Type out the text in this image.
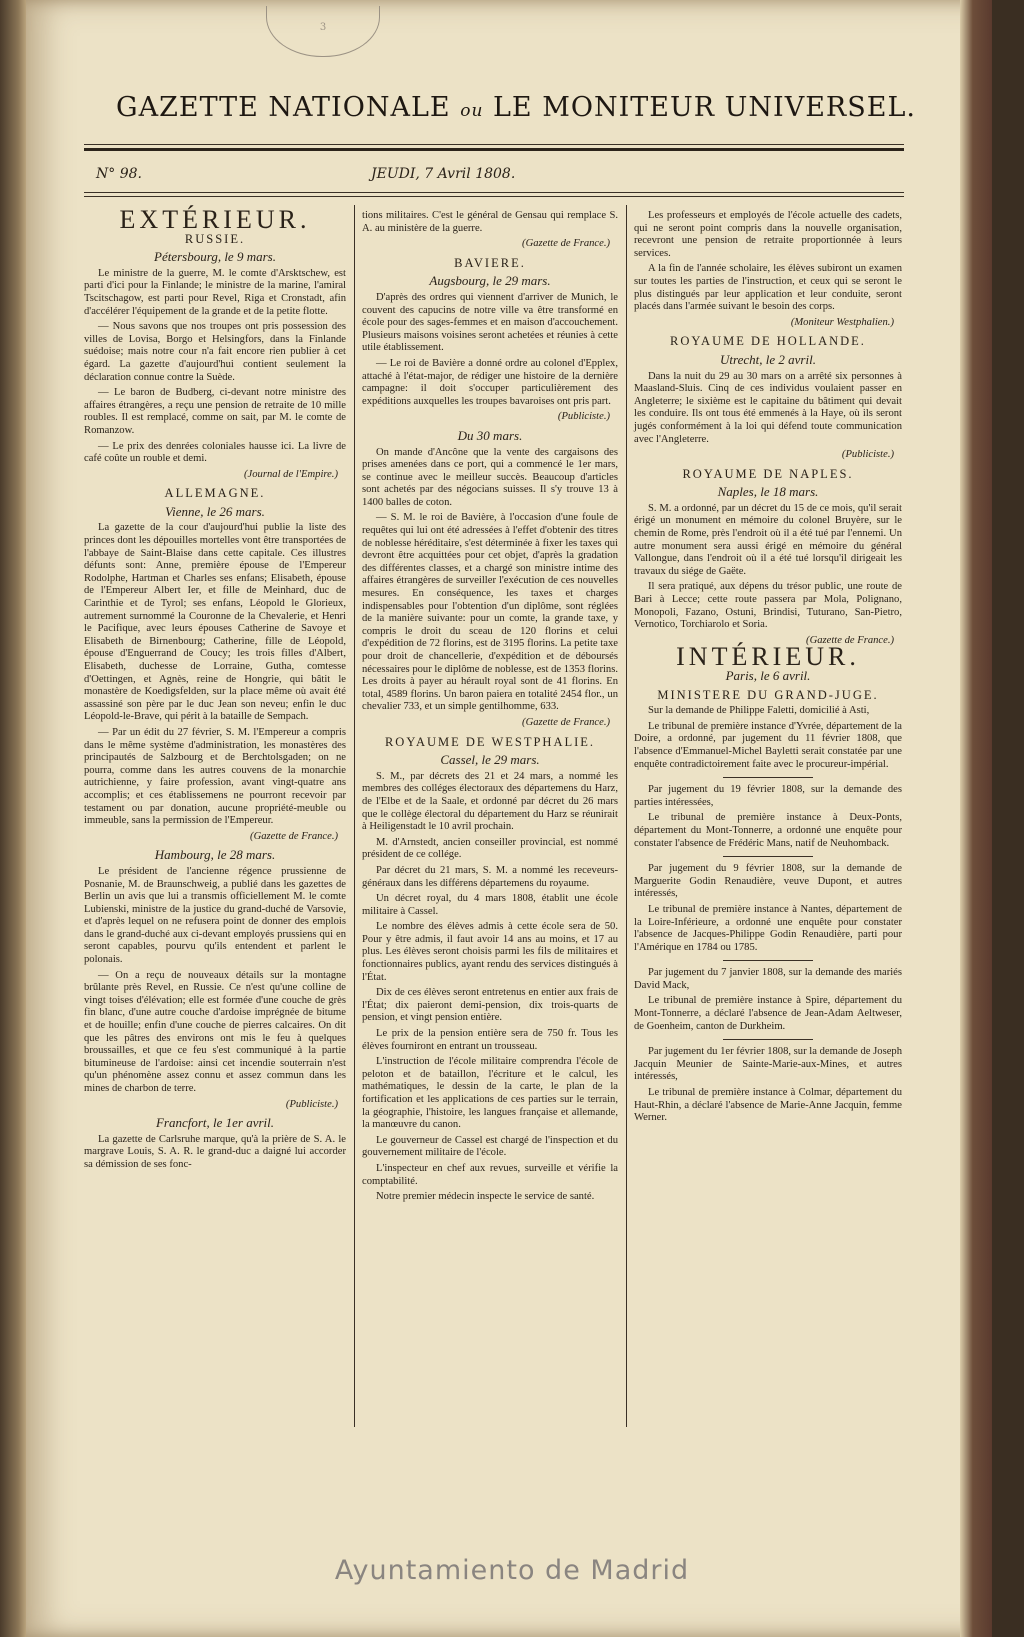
3
GAZETTE NATIONALE ou LE MONITEUR UNIVERSEL.
N° 98.	JEUDI, 7 Avril 1808.
EXTÉRIEUR.
RUSSIE.
Pétersbourg, le 9 mars.

Le ministre de la guerre, M. le comte d'Arsktschew, est parti d'ici pour la Finlande; le ministre de la marine, l'amiral Tscitschagow, est parti pour Revel, Riga et Cronstadt, afin d'accélérer l'équipement de la grande et de la petite flotte.

— Nous savons que nos troupes ont pris possession des villes de Lovisa, Borgo et Helsingfors, dans la Finlande suédoise; mais notre cour n'a fait encore rien publier à cet égard. La gazette d'aujourd'hui contient seulement la déclaration connue contre la Suède.

— Le baron de Budberg, ci-devant notre ministre des affaires étrangères, a reçu une pension de retraite de 10 mille roubles. Il est remplacé, comme on sait, par M. le comte de Romanzow.

— Le prix des denrées coloniales hausse ici. La livre de café coûte un rouble et demi.

(Journal de l'Empire.)

ALLEMAGNE.
Vienne, le 26 mars.

La gazette de la cour d'aujourd'hui publie la liste des princes dont les dépouilles mortelles vont être transportées de l'abbaye de Saint-Blaise dans cette capitale. Ces illustres défunts sont: Anne, première épouse de l'Empereur Rodolphe, Hartman et Charles ses enfans; Elisabeth, épouse de l'Empereur Albert Ier, et fille de Meinhard, duc de Carinthie et de Tyrol; ses enfans, Léopold le Glorieux, autrement surnommé la Couronne de la Chevalerie, et Henri le Pacifique, avec leurs épouses Catherine de Savoye et Elisabeth de Birnenbourg; Catherine, fille de Léopold, épouse d'Enguerrand de Coucy; les trois filles d'Albert, Elisabeth, duchesse de Lorraine, Gutha, comtesse d'Oettingen, et Agnès, reine de Hongrie, qui bâtit le monastère de Koedigsfelden, sur la place même où avait été assassiné son père par le duc Jean son neveu; enfin le duc Léopold-le-Brave, qui périt à la bataille de Sempach.

— Par un édit du 27 février, S. M. l'Empereur a compris dans le même système d'administration, les monastères des principautés de Salzbourg et de Berchtolsgaden; on ne pourra, comme dans les autres couvens de la monarchie autrichienne, y faire profession, avant vingt-quatre ans accomplis; et ces établissemens ne pourront recevoir par testament ou par donation, aucune propriété-meuble ou immeuble, sans la permission de l'Empereur.

(Gazette de France.)

Hambourg, le 28 mars.

Le président de l'ancienne régence prussienne de Posnanie, M. de Braunschweig, a publié dans les gazettes de Berlin un avis que lui a transmis officiellement M. le comte Lubienski, ministre de la justice du grand-duché de Varsovie, et d'après lequel on ne refusera point de donner des emplois dans le grand-duché aux ci-devant employés prussiens qui en seront capables, pourvu qu'ils entendent et parlent le polonais.

— On a reçu de nouveaux détails sur la montagne brûlante près Revel, en Russie. Ce n'est qu'une colline de vingt toises d'élévation; elle est formée d'une couche de grès fin blanc, d'une autre couche d'ardoise imprégnée de bitume et de houille; enfin d'une couche de pierres calcaires. On dit que les pâtres des environs ont mis le feu à quelques broussailles, et que ce feu s'est communiqué à la partie bitumineuse de l'ardoise: ainsi cet incendie souterrain n'est qu'un phénomène assez connu et assez commun dans les mines de charbon de terre.

(Publiciste.)

Francfort, le 1er avril.

La gazette de Carlsruhe marque, qu'à la prière de S. A. le margrave Louis, S. A. R. le grand-duc a daigné lui accorder sa démission de ses fonc-

tions militaires. C'est le général de Gensau qui remplace S. A. au ministère de la guerre.

(Gazette de France.)

BAVIERE.
Augsbourg, le 29 mars.

D'après des ordres qui viennent d'arriver de Munich, le couvent des capucins de notre ville va être transformé en école pour des sages-femmes et en maison d'accouchement. Plusieurs maisons voisines seront achetées et réunies à cette utile établissement.

— Le roi de Bavière a donné ordre au colonel d'Epplex, attaché à l'état-major, de rédiger une histoire de la dernière campagne: il doit s'occuper particulièrement des expéditions auxquelles les troupes bavaroises ont pris part.

(Publiciste.)

Du 30 mars.

On mande d'Ancône que la vente des cargaisons des prises amenées dans ce port, qui a commencé le 1er mars, se continue avec le meilleur succès. Beaucoup d'articles sont achetés par des négocians suisses. Il s'y trouve 13 à 1400 balles de coton.

— S. M. le roi de Bavière, à l'occasion d'une foule de requêtes qui lui ont été adressées à l'effet d'obtenir des titres de noblesse héréditaire, s'est déterminée à fixer les taxes qui devront être acquittées pour cet objet, d'après la gradation des différentes classes, et a chargé son ministre intime des affaires étrangères de surveiller l'exécution de ces nouvelles mesures. En conséquence, les taxes et charges indispensables pour l'obtention d'un diplôme, sont réglées de la manière suivante: pour un comte, la grande taxe, y compris le droit du sceau de 120 florins et celui d'expédition de 72 florins, est de 3195 florins. La petite taxe pour droit de chancellerie, d'expédition et de déboursés nécessaires pour le diplôme de noblesse, est de 1353 florins. Les droits à payer au hérault royal sont de 41 florins. En total, 4589 florins. Un baron paiera en totalité 2454 flor., un chevalier 733, et un simple gentilhomme, 633.

(Gazette de France.)

ROYAUME DE WESTPHALIE.
Cassel, le 29 mars.

S. M., par décrets des 21 et 24 mars, a nommé les membres des colléges électoraux des départemens du Harz, de l'Elbe et de la Saale, et ordonné par décret du 26 mars que le collège électoral du département du Harz se réunirait à Heiligenstadt le 10 avril prochain.

M. d'Arnstedt, ancien conseiller provincial, est nommé président de ce collége.

Par décret du 21 mars, S. M. a nommé les receveurs-généraux dans les différens départemens du royaume.

Un décret royal, du 4 mars 1808, établit une école militaire à Cassel.

Le nombre des élèves admis à cette école sera de 50. Pour y être admis, il faut avoir 14 ans au moins, et 17 au plus. Les élèves seront choisis parmi les fils de militaires et fonctionnaires publics, ayant rendu des services distingués à l'État.

Dix de ces élèves seront entretenus en entier aux frais de l'État; dix paieront demi-pension, dix trois-quarts de pension, et vingt pension entière.

Le prix de la pension entière sera de 750 fr. Tous les élèves fourniront en entrant un trousseau.

L'instruction de l'école militaire comprendra l'école de peloton et de bataillon, l'écriture et le calcul, les mathématiques, le dessin de la carte, le plan de la fortification et les applications de ces parties sur le terrain, la géographie, l'histoire, les langues française et allemande, la manœuvre du canon.

Le gouverneur de Cassel est chargé de l'inspection et du gouvernement militaire de l'école.

L'inspecteur en chef aux revues, surveille et vérifie la comptabilité.

Notre premier médecin inspecte le service de santé.

Les professeurs et employés de l'école actuelle des cadets, qui ne seront point compris dans la nouvelle organisation, recevront une pension de retraite proportionnée à leurs services.

A la fin de l'année scholaire, les élèves subiront un examen sur toutes les parties de l'instruction, et ceux qui se seront le plus distingués par leur application et leur conduite, seront placés dans l'armée suivant le besoin des corps.

(Moniteur Westphalien.)

ROYAUME DE HOLLANDE.
Utrecht, le 2 avril.

Dans la nuit du 29 au 30 mars on a arrêté six personnes à Maasland-Sluis. Cinq de ces individus voulaient passer en Angleterre; le sixième est le capitaine du bâtiment qui devait les conduire. Ils ont tous été emmenés à la Haye, où ils seront jugés conformément à la loi qui défend toute communication avec l'Angleterre.

(Publiciste.)

ROYAUME DE NAPLES.
Naples, le 18 mars.

S. M. a ordonné, par un décret du 15 de ce mois, qu'il serait érigé un monument en mémoire du colonel Bruyère, sur le chemin de Rome, près l'endroit où il a été tué par l'ennemi. Un autre monument sera aussi érigé en mémoire du général Vallongue, dans l'endroit où il a été tué lorsqu'il dirigeait les travaux du siége de Gaëte.

Il sera pratiqué, aux dépens du trésor public, une route de Bari à Lecce; cette route passera par Mola, Polignano, Monopoli, Fazano, Ostuni, Brindisi, Tuturano, San-Pietro, Vernotico, Torchiarolo et Soria.

(Gazette de France.)

INTÉRIEUR.
Paris, le 6 avril.
MINISTERE DU GRAND-JUGE.

Sur la demande de Philippe Faletti, domicilié à Asti,

Le tribunal de première instance d'Yvrée, département de la Doire, a ordonné, par jugement du 11 février 1808, que l'absence d'Emmanuel-Michel Bayletti serait constatée par une enquête contradictoirement faite avec le procureur-impérial.

Par jugement du 19 février 1808, sur la demande des parties intéressées,

Le tribunal de première instance à Deux-Ponts, département du Mont-Tonnerre, a ordonné une enquête pour constater l'absence de Frédéric Mans, natif de Neuhomback.

Par jugement du 9 février 1808, sur la demande de Marguerite Godin Renaudière, veuve Dupont, et autres intéressés,

Le tribunal de première instance à Nantes, département de la Loire-Inférieure, a ordonné une enquête pour constater l'absence de Jacques-Philippe Godin Renaudière, parti pour l'Amérique en 1784 ou 1785.

Par jugement du 7 janvier 1808, sur la demande des mariés David Mack,

Le tribunal de première instance à Spire, département du Mont-Tonnerre, a déclaré l'absence de Jean-Adam Aeltweser, de Goenheim, canton de Durkheim.

Par jugement du 1er février 1808, sur la demande de Joseph Jacquin Meunier de Sainte-Marie-aux-Mines, et autres intéressés,

Le tribunal de première instance à Colmar, département du Haut-Rhin, a déclaré l'absence de Marie-Anne Jacquin, femme Werner.

Ayuntamiento de Madrid
